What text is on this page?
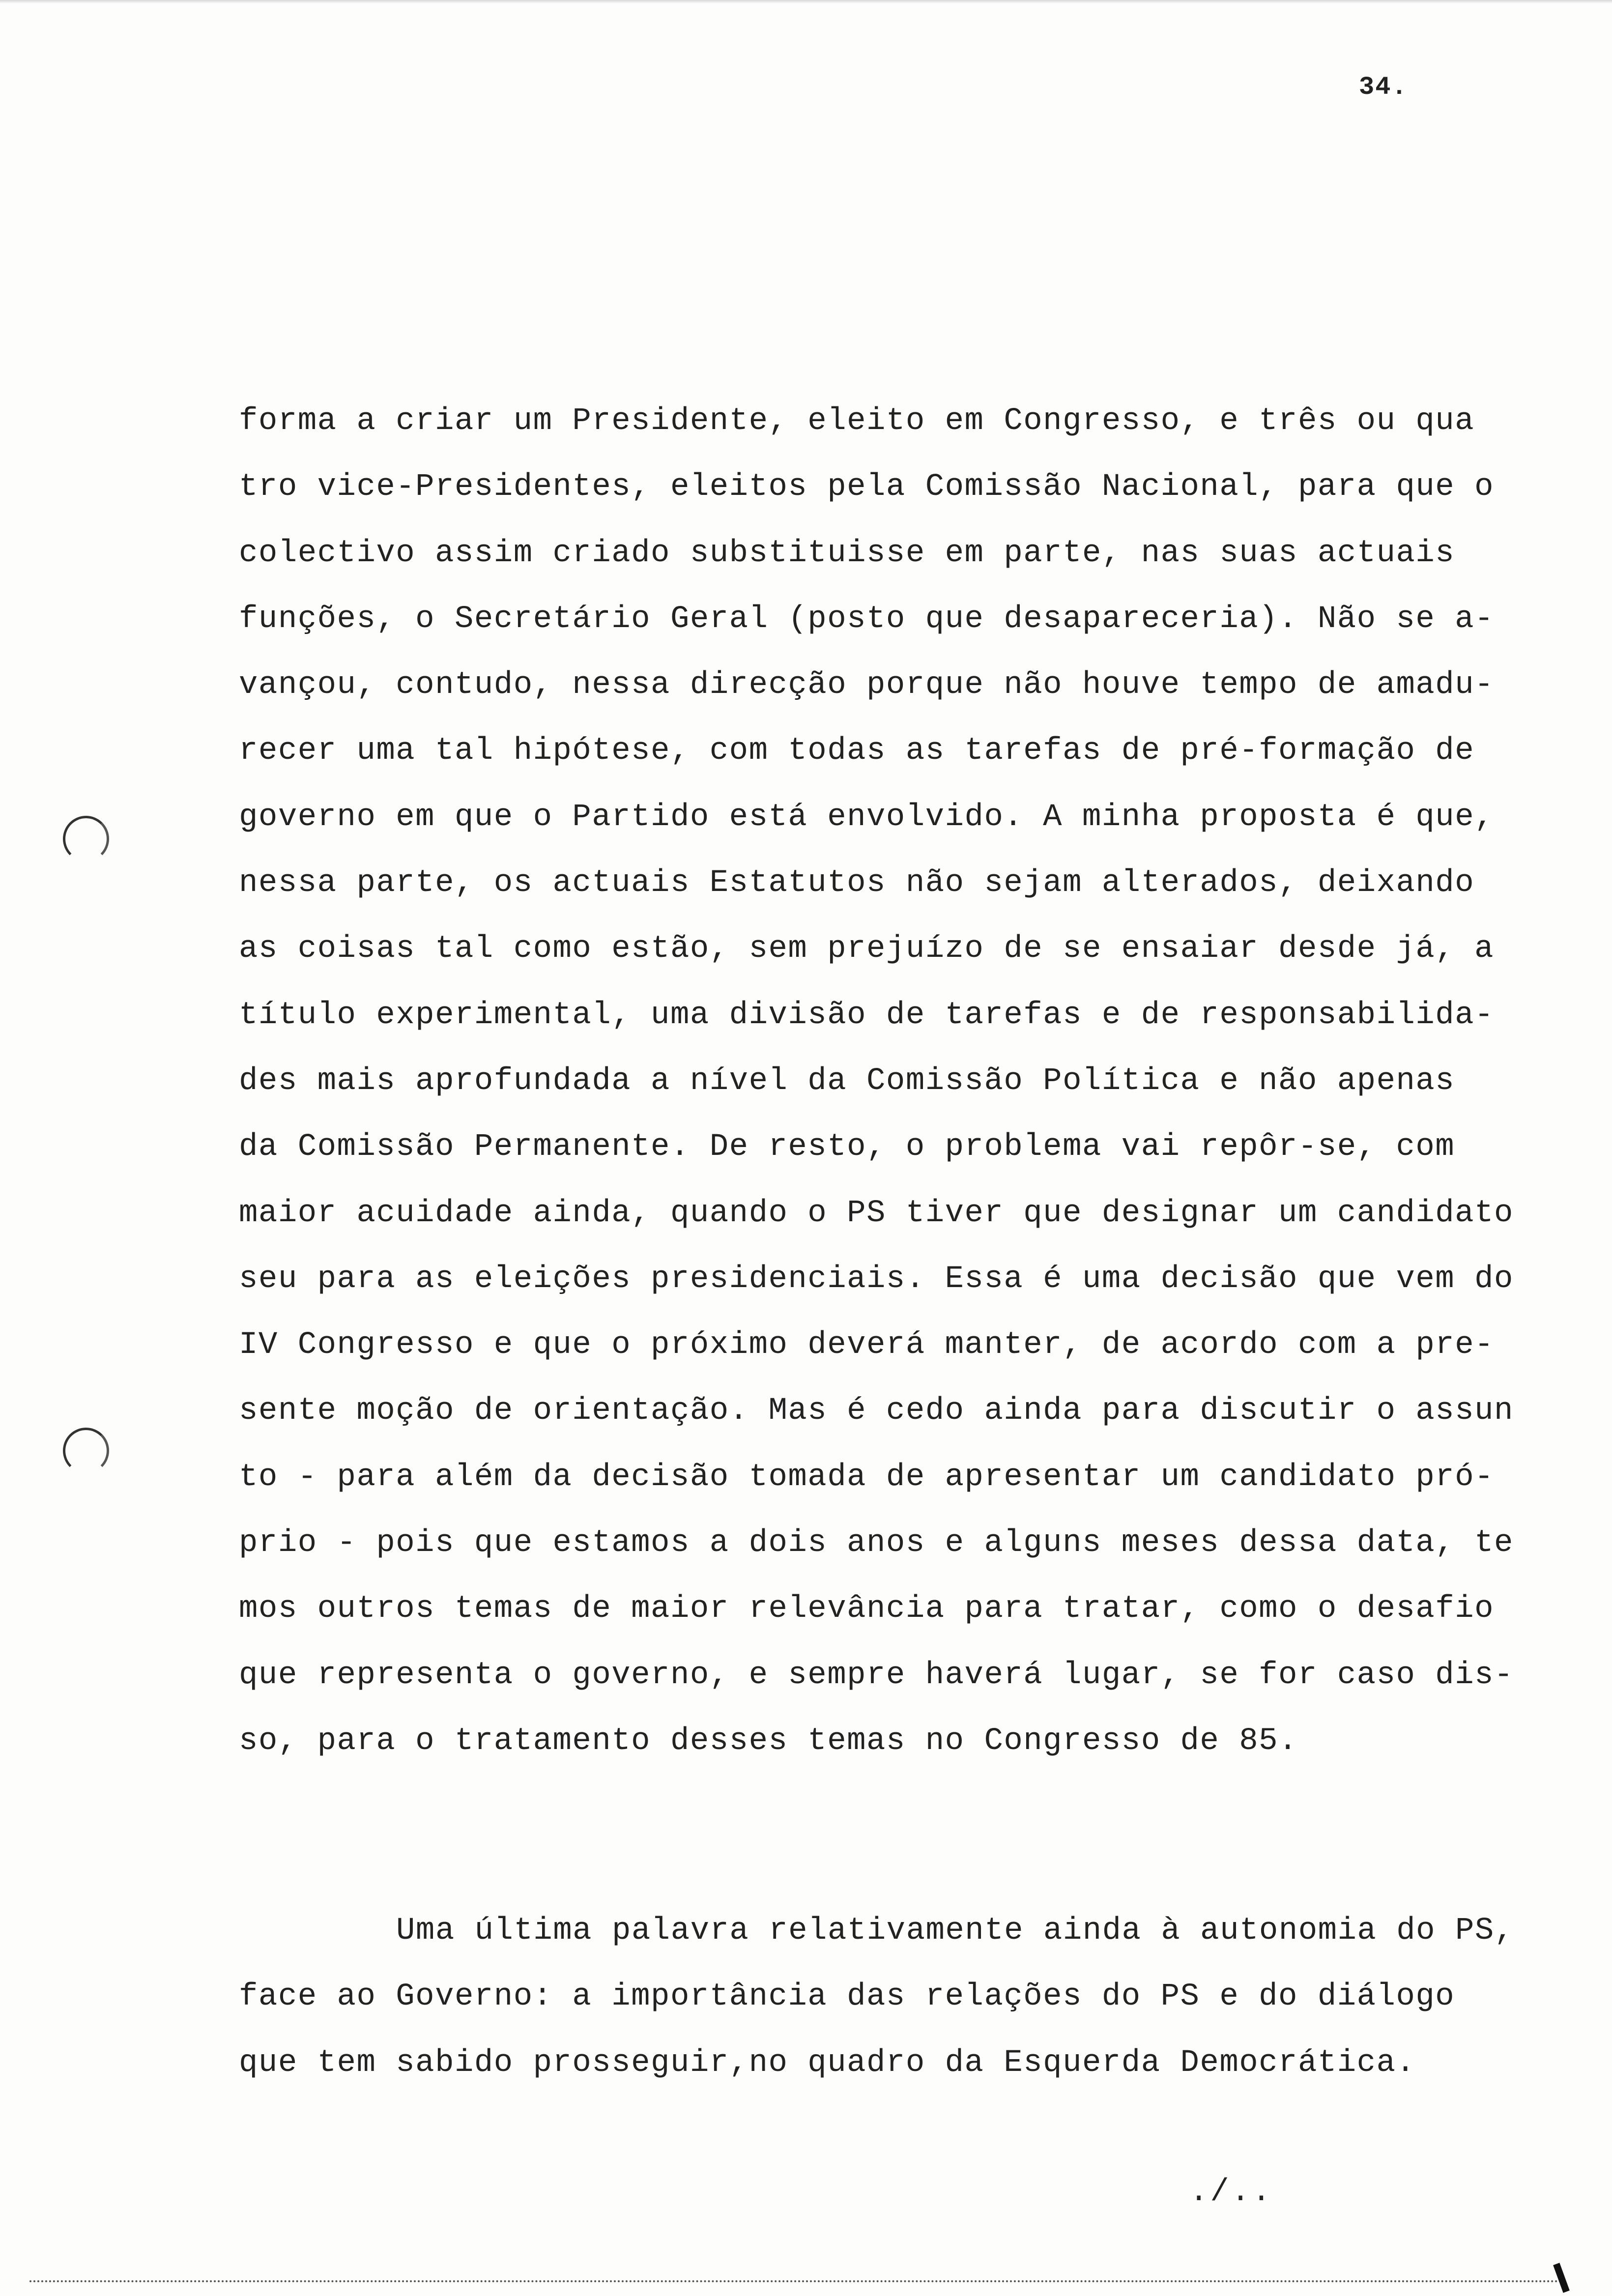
34.
forma a criar um Presidente, eleito em Congresso, e três ou qua
tro vice-Presidentes, eleitos pela Comissão Nacional, para que o
colectivo assim criado substituisse em parte, nas suas actuais
funções, o Secretário Geral (posto que desapareceria). Não se a-
vançou, contudo, nessa direcção porque não houve tempo de amadu-
recer uma tal hipótese, com todas as tarefas de pré-formação de
governo em que o Partido está envolvido. A minha proposta é que,
nessa parte, os actuais Estatutos não sejam alterados, deixando
as coisas tal como estão, sem prejuízo de se ensaiar desde já, a
título experimental, uma divisão de tarefas e de responsabilida-
des mais aprofundada a nível da Comissão Política e não apenas
da Comissão Permanente. De resto, o problema vai repôr-se, com
maior acuidade ainda, quando o PS tiver que designar um candidato
seu para as eleições presidenciais. Essa é uma decisão que vem do
IV Congresso e que o próximo deverá manter, de acordo com a pre-
sente moção de orientação. Mas é cedo ainda para discutir o assun
to - para além da decisão tomada de apresentar um candidato pró-
prio - pois que estamos a dois anos e alguns meses dessa data, te
mos outros temas de maior relevância para tratar, como o desafio
que representa o governo, e sempre haverá lugar, se for caso dis-
so, para o tratamento desses temas no Congresso de 85.
Uma última palavra relativamente ainda à autonomia do PS,
face ao Governo: a importância das relações do PS e do diálogo
que tem sabido prosseguir,no quadro da Esquerda Democrática.
./..
